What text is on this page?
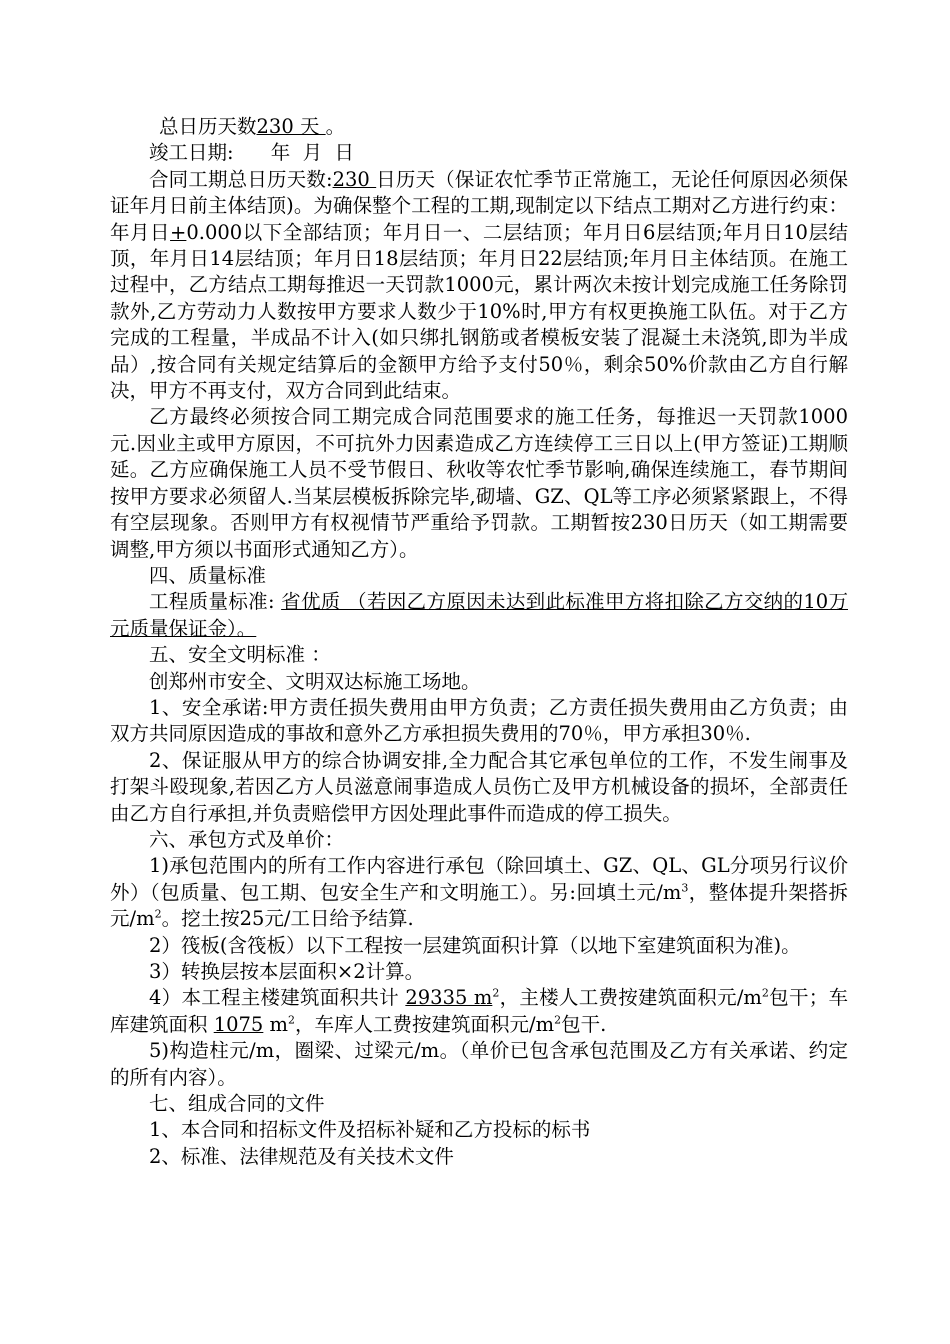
总日历天数230 天 。

竣工日期:      年  月  日

合同工期总日历天数:230 日历天（保证农忙季节正常施工，无论任何原因必须保证年月日前主体结顶)。为确保整个工程的工期,现制定以下结点工期对乙方进行约束：年月日+0.000以下全部结顶；年月日一、二层结顶；年月日6层结顶;年月日10层结顶，年月日14层结顶；年月日18层结顶；年月日22层结顶;年月日主体结顶。在施工过程中，乙方结点工期每推迟一天罚款1000元，累计两次未按计划完成施工任务除罚款外,乙方劳动力人数按甲方要求人数少于10%时,甲方有权更换施工队伍。对于乙方完成的工程量，半成品不计入(如只绑扎钢筋或者模板安装了混凝土未浇筑,即为半成品）,按合同有关规定结算后的金额甲方给予支付50％，剩余50%价款由乙方自行解决，甲方不再支付，双方合同到此结束。

乙方最终必须按合同工期完成合同范围要求的施工任务，每推迟一天罚款1000元.因业主或甲方原因，不可抗外力因素造成乙方连续停工三日以上(甲方签证)工期顺延。乙方应确保施工人员不受节假日、秋收等农忙季节影响,确保连续施工，春节期间按甲方要求必须留人.当某层模板拆除完毕,砌墙、GZ、QL等工序必须紧紧跟上，不得有空层现象。否则甲方有权视情节严重给予罚款。工期暂按230日历天（如工期需要调整,甲方须以书面形式通知乙方）。

四、质量标准

工程质量标准: 省优质 （若因乙方原因未达到此标准甲方将扣除乙方交纳的10万元质量保证金）。

五、安全文明标准 ：

创郑州市安全、文明双达标施工场地。

1、安全承诺:甲方责任损失费用由甲方负责；乙方责任损失费用由乙方负责；由双方共同原因造成的事故和意外乙方承担损失费用的70％，甲方承担30％.

2、保证服从甲方的综合协调安排,全力配合其它承包单位的工作，不发生闹事及打架斗殴现象,若因乙方人员滋意闹事造成人员伤亡及甲方机械设备的损坏，全部责任由乙方自行承担,并负责赔偿甲方因处理此事件而造成的停工损失。

六、承包方式及单价：

1)承包范围内的所有工作内容进行承包（除回填土、GZ、QL、GL分项另行议价外）（包质量、包工期、包安全生产和文明施工）。另:回填土元$/m^3$，整体提升架搭拆元$/m^2$。挖土按25元/工日给予结算.

2）筏板(含筏板）以下工程按一层建筑面积计算（以地下室建筑面积为准)。

3）转换层按本层面积×2计算。

4）本工程主楼建筑面积共计 29335 $m^2$，主楼人工费按建筑面积元$/m^2$包干；车库建筑面积 1075 $m^2$，车库人工费按建筑面积元$/m^2$包干.

5)构造柱元/m，圈梁、过梁元/m。（单价已包含承包范围及乙方有关承诺、约定的所有内容）。

七、组成合同的文件

1、本合同和招标文件及招标补疑和乙方投标的标书

2、标准、法律规范及有关技术文件
